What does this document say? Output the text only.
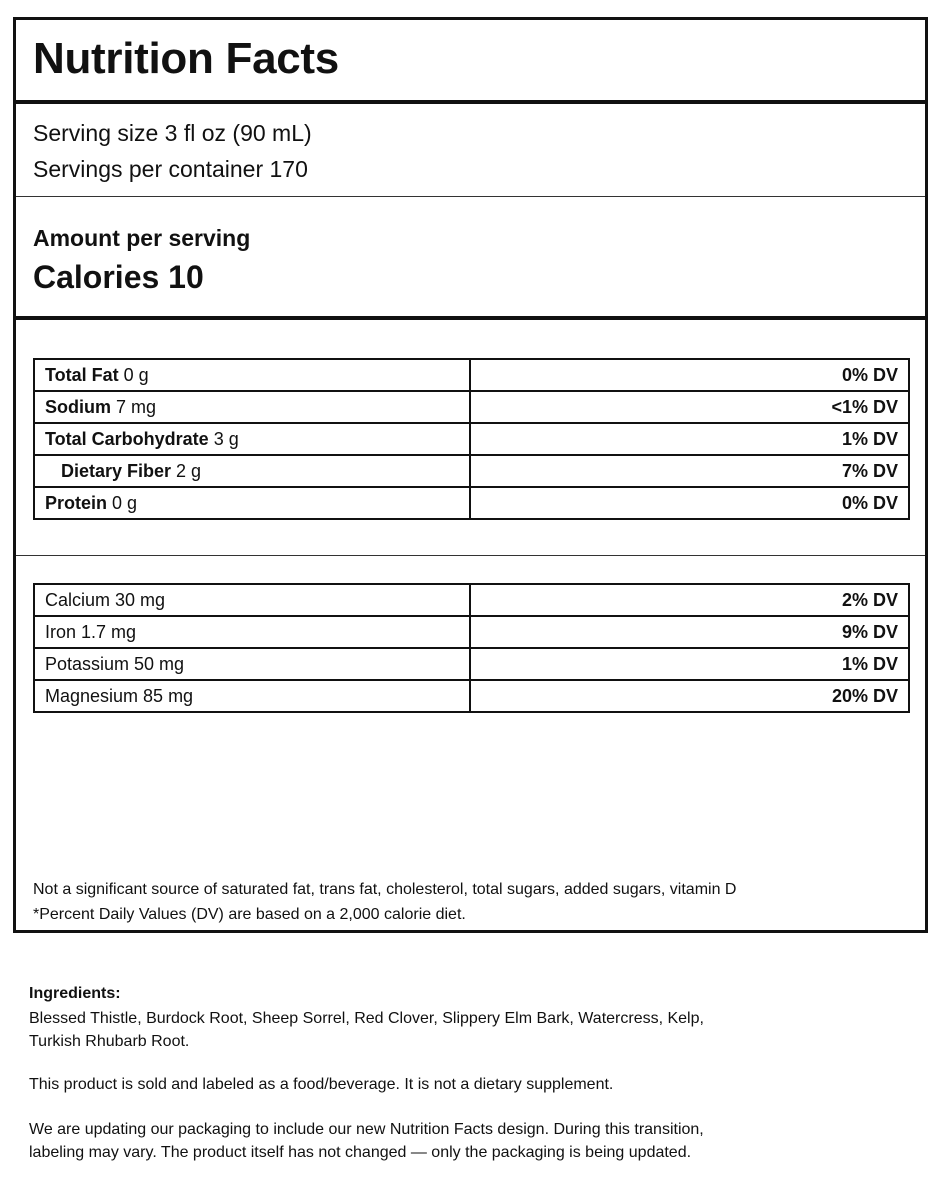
Nutrition Facts

Serving size 3 fl oz (90 mL)

Servings per container 170

Amount per serving

Calories 10

Total Fat 0 g	0% DV
Sodium 7 mg	<1% DV
Total Carbohydrate 3 g	1% DV
Dietary Fiber 2 g	7% DV
Protein 0 g	0% DV
Calcium 30 mg	2% DV
Iron 1.7 mg	9% DV
Potassium 50 mg	1% DV
Magnesium 85 mg	20% DV

Not a significant source of saturated fat, trans fat, cholesterol, total sugars, added sugars, vitamin D

*Percent Daily Values (DV) are based on a 2,000 calorie diet.

Ingredients:

Blessed Thistle, Burdock Root, Sheep Sorrel, Red Clover, Slippery Elm Bark, Watercress, Kelp, Turkish Rhubarb Root.

This product is sold and labeled as a food/beverage. It is not a dietary supplement.

We are updating our packaging to include our new Nutrition Facts design. During this transition, labeling may vary. The product itself has not changed — only the packaging is being updated.
